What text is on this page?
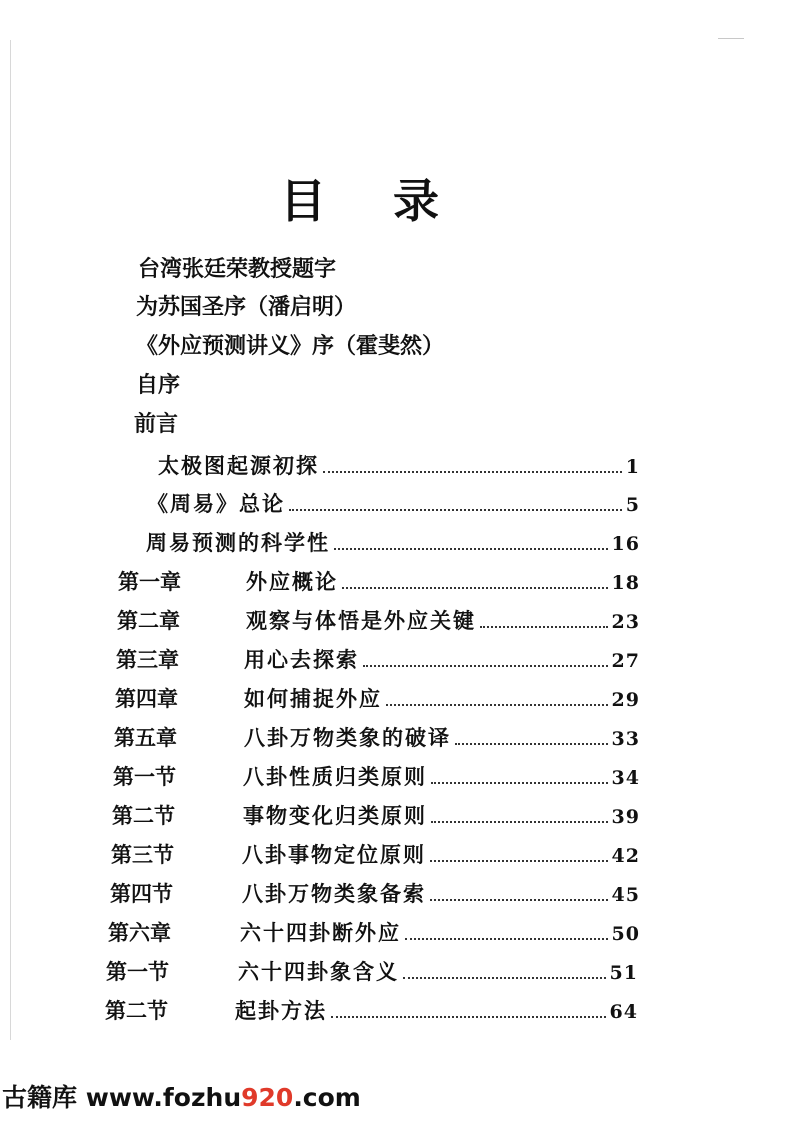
目 录
台湾张廷荣教授题字
为苏国圣序（潘启明）
《外应预测讲义》序（霍斐然）
自序
前言
太极图起源初探	1
《周易》总论	5
周易预测的科学性	16
第一章	外应概论	18
第二章	观察与体悟是外应关键	23
第三章	用心去探索	27
第四章	如何捕捉外应	29
第五章	八卦万物类象的破译	33
第一节	八卦性质归类原则	34
第二节	事物变化归类原则	39
第三节	八卦事物定位原则	42
第四节	八卦万物类象备索	45
第六章	六十四卦断外应	50
第一节	六十四卦象含义	51
第二节	起卦方法	64
古籍库 www.fozhu920.com
